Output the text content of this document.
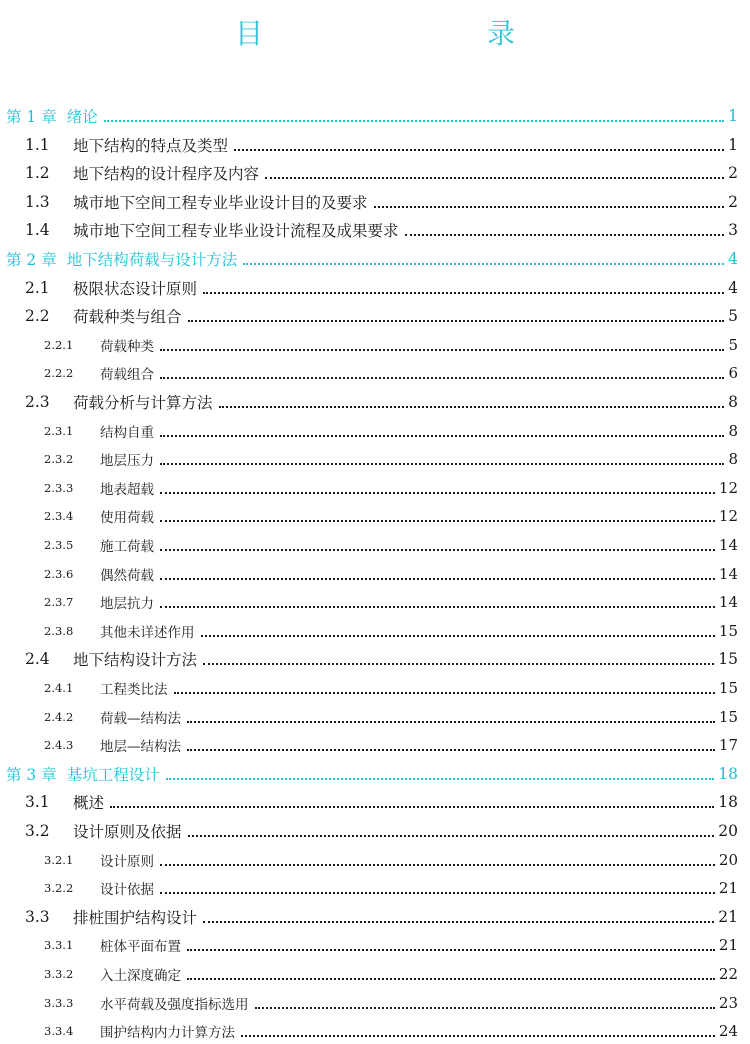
目　　录
第 1 章 绪论	1
1.1	地下结构的特点及类型	1
1.2	地下结构的设计程序及内容	2
1.3	城市地下空间工程专业毕业设计目的及要求	2
1.4	城市地下空间工程专业毕业设计流程及成果要求	3
第 2 章 地下结构荷载与设计方法	4
2.1	极限状态设计原则	4
2.2	荷载种类与组合	5
2.2.1	荷载种类	5
2.2.2	荷载组合	6
2.3	荷载分析与计算方法	8
2.3.1	结构自重	8
2.3.2	地层压力	8
2.3.3	地表超载	12
2.3.4	使用荷载	12
2.3.5	施工荷载	14
2.3.6	偶然荷载	14
2.3.7	地层抗力	14
2.3.8	其他未详述作用	15
2.4	地下结构设计方法	15
2.4.1	工程类比法	15
2.4.2	荷载—结构法	15
2.4.3	地层—结构法	17
第 3 章 基坑工程设计	18
3.1	概述	18
3.2	设计原则及依据	20
3.2.1	设计原则	20
3.2.2	设计依据	21
3.3	排桩围护结构设计	21
3.3.1	桩体平面布置	21
3.3.2	入土深度确定	22
3.3.3	水平荷载及强度指标选用	23
3.3.4	围护结构内力计算方法	24
